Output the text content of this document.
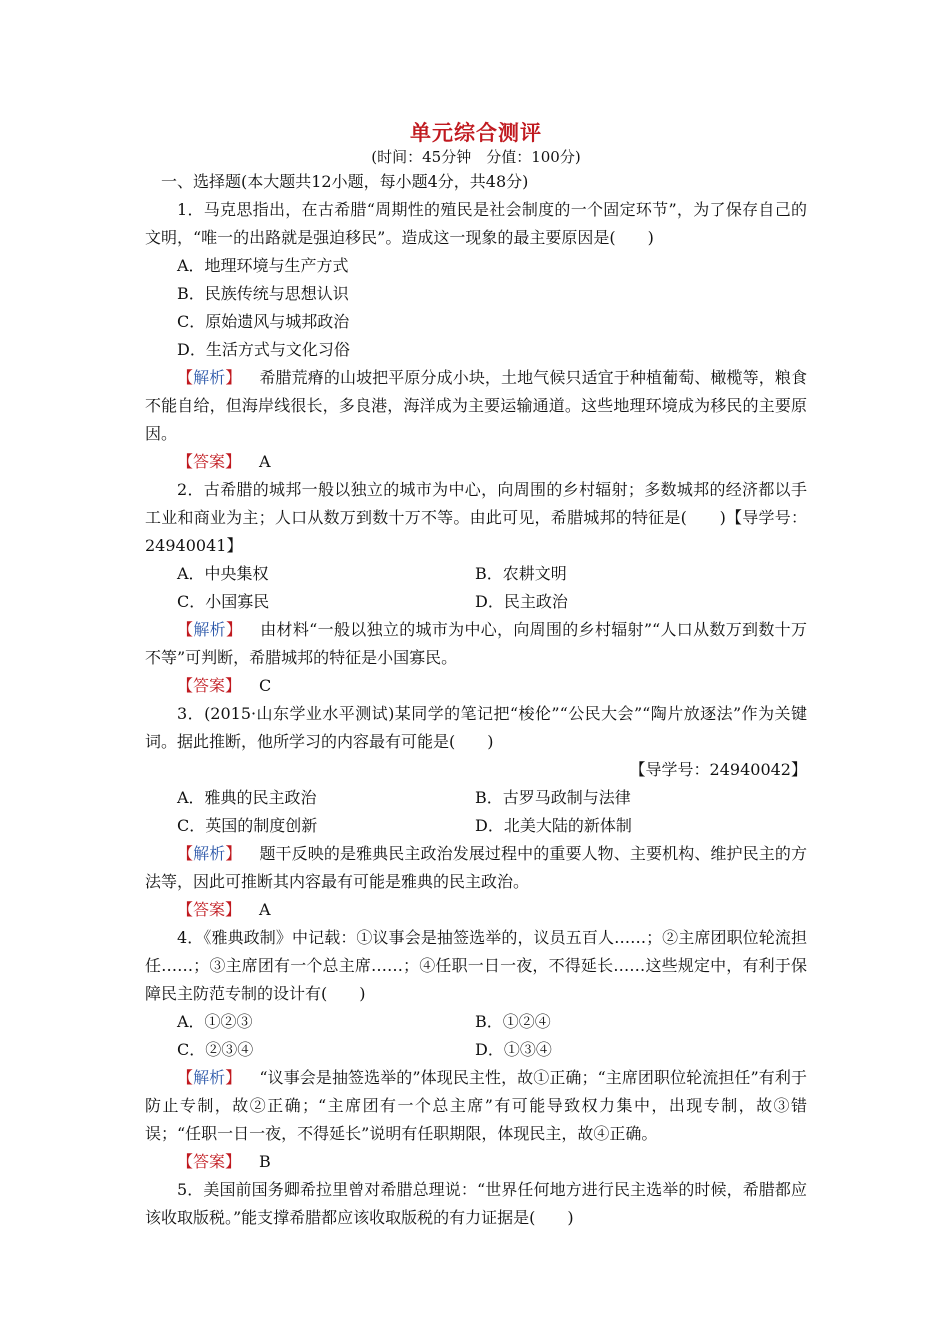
单元综合测评
(时间：45分钟　分值：100分)
一、选择题(本大题共12小题，每小题4分，共48分)

1．马克思指出，在古希腊“周期性的殖民是社会制度的一个固定环节”，为了保存自己的文明，“唯一的出路就是强迫移民”。造成这一现象的最主要原因是(　　)

A．地理环境与生产方式

B．民族传统与思想认识

C．原始遗风与城邦政治

D．生活方式与文化习俗

【解析】 希腊荒瘠的山坡把平原分成小块，土地气候只适宜于种植葡萄、橄榄等，粮食不能自给，但海岸线很长，多良港，海洋成为主要运输通道。这些地理环境成为移民的主要原因。

【答案】 A

2．古希腊的城邦一般以独立的城市为中心，向周围的乡村辐射；多数城邦的经济都以手工业和商业为主；人口从数万到数十万不等。由此可见，希腊城邦的特征是(　　)【导学号：24940041】

A．中央集权	B．农耕文明
C．小国寡民	D．民主政治

【解析】 由材料“一般以独立的城市为中心，向周围的乡村辐射”“人口从数万到数十万不等”可判断，希腊城邦的特征是小国寡民。

【答案】 C

3．(2015·山东学业水平测试)某同学的笔记把“梭伦”“公民大会”“陶片放逐法”作为关键词。据此推断，他所学习的内容最有可能是(　　)

【导学号：24940042】

A．雅典的民主政治	B．古罗马政制与法律
C．英国的制度创新	D．北美大陆的新体制

【解析】 题干反映的是雅典民主政治发展过程中的重要人物、主要机构、维护民主的方法等，因此可推断其内容最有可能是雅典的民主政治。

【答案】 A

4．《雅典政制》中记载：①议事会是抽签选举的，议员五百人……；②主席团职位轮流担任……；③主席团有一个总主席……；④任职一日一夜，不得延长……这些规定中，有利于保障民主防范专制的设计有(　　)

A．①②③	B．①②④
C．②③④	D．①③④

【解析】 “议事会是抽签选举的”体现民主性，故①正确；“主席团职位轮流担任”有利于防止专制，故②正确；“主席团有一个总主席”有可能导致权力集中，出现专制，故③错误；“任职一日一夜，不得延长”说明有任职期限，体现民主，故④正确。

【答案】 B

5．美国前国务卿希拉里曾对希腊总理说：“世界任何地方进行民主选举的时候，希腊都应该收取版税。”能支撑希腊都应该收取版税的有力证据是(　　)
